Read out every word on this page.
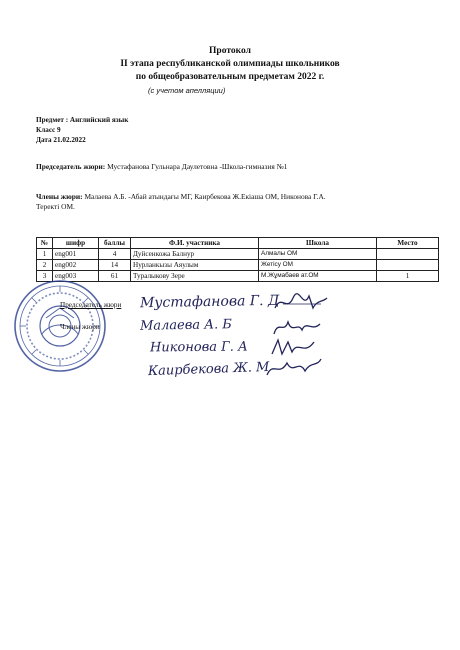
Протокол
II этапа республиканской олимпиады школьников
по общеобразовательным предметам 2022 г.
(с учетом апелляции)
Предмет : Английский язык
Класс 9
Дата 21.02.2022
Председатель жюри: Мустафанова Гульнара Даулетовна -Школа-гимназия №1
Члены жюри: Малаева А.Б. -Абай атындағы МГ, Каирбекова Ж.Екiаша ОМ, Никонова Г.А.
Теректі ОМ.
№	шифр	баллы	Ф.И. участника	Школа	Место
1	eng001	4	Дуйсенкожа Балнур	Алмалы ОМ	
2	eng002	14	Нурланкызы Аяулым	Жетісу ОМ	
3	eng003	61	Туралыкову Зере	М.Жұмабаев ат.ОМ	1
Председатель жюри
Члены жюри
Мустафанова Г. Д
Малаева А. Б
Никонова Г. А
Каирбекова Ж. М
